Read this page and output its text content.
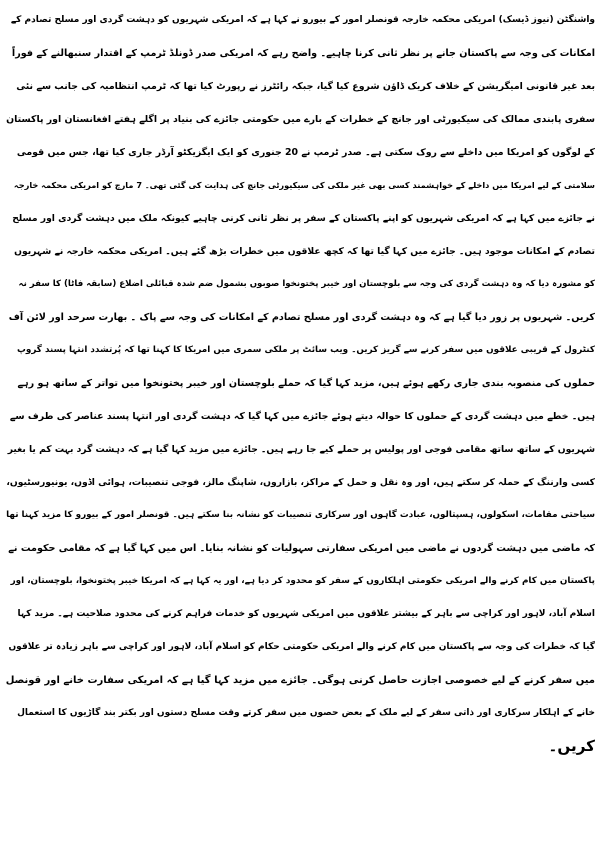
واشنگٹن (نیوز ڈیسک) امریکی محکمہ خارجہ قونصلر امور کے بیورو نے کہا ہے کہ امریکی شہریوں کو دہشت گردی اور مسلح تصادم کے
امکانات کی وجہ سے پاکستان جانے پر نظر ثانی کرنا چاہیے۔ واضح رہے کہ امریکی صدر ڈونلڈ ٹرمپ کے اقتدار سنبھالنے کے فوراً
بعد غیر قانونی امیگریشن کے خلاف کریک ڈاؤن شروع کیا گیا، جبکہ رائٹرز نے رپورٹ کیا تھا کہ ٹرمپ انتظامیہ کی جانب سے نئی
سفری پابندی ممالک کی سیکیورٹی اور جانچ کے خطرات کے بارے میں حکومتی جائزے کی بنیاد پر اگلے ہفتے افغانستان اور پاکستان
کے لوگوں کو امریکا میں داخلے سے روک سکتی ہے۔ صدر ٹرمپ نے 20 جنوری کو ایک ایگزیکٹو آرڈر جاری کیا تھا، جس میں قومی
سلامتی کے لیے امریکا میں داخلے کے خواہشمند کسی بھی غیر ملکی کی سیکیورٹی جانچ کی ہدایت کی گئی تھی۔ 7 مارچ کو امریکی محکمہ خارجہ
نے جائزے میں کہا ہے کہ امریکی شہریوں کو اپنے پاکستان کے سفر پر نظر ثانی کرنی چاہیے کیونکہ ملک میں دہشت گردی اور مسلح
تصادم کے امکانات موجود ہیں۔ جائزے میں کہا گیا تھا کہ کچھ علاقوں میں خطرات بڑھ گئے ہیں۔ امریکی محکمہ خارجہ نے شہریوں
کو مشورہ دیا کہ وہ دہشت گردی کی وجہ سے بلوچستان اور خیبر پختونخوا صوبوں بشمول ضم شدہ قبائلی اضلاع (سابقہ فاٹا) کا سفر نہ
کریں۔ شہریوں پر زور دیا گیا ہے کہ وہ دہشت گردی اور مسلح تصادم کے امکانات کی وجہ سے پاک ۔ بھارت سرحد اور لائن آف
کنٹرول کے قریبی علاقوں میں سفر کرنے سے گریز کریں۔ ویب سائٹ پر ملکی سمری میں امریکا کا کہنا تھا کہ پُرتشدد انتہا پسند گروپ
حملوں کی منصوبہ بندی جاری رکھے ہوئے ہیں، مزید کہا گیا کہ حملے بلوچستان اور خیبر پختونخوا میں تواتر کے ساتھ ہو رہے
ہیں۔ خطے میں دہشت گردی کے حملوں کا حوالہ دیتے ہوئے جائزے میں کہا گیا کہ دہشت گردی اور انتہا پسند عناصر کی طرف سے
شہریوں کے ساتھ ساتھ مقامی فوجی اور پولیس پر حملے کیے جا رہے ہیں۔ جائزے میں مزید کہا گیا ہے کہ دہشت گرد بہت کم یا بغیر
کسی وارننگ کے حملہ کر سکتے ہیں، اور وہ نقل و حمل کے مراکز، بازاروں، شاپنگ مالز، فوجی تنصیبات، ہوائی اڈوں، یونیورسٹیوں،
سیاحتی مقامات، اسکولوں، ہسپتالوں، عبادت گاہوں اور سرکاری تنصیبات کو نشانہ بنا سکتے ہیں۔ قونصلر امور کے بیورو کا مزید کہنا تھا
کہ ماضی میں دہشت گردوں نے ماضی میں امریکی سفارتی سہولیات کو نشانہ بنایا۔ اس میں کہا گیا ہے کہ مقامی حکومت نے
پاکستان میں کام کرنے والے امریکی حکومتی اہلکاروں کے سفر کو محدود کر دیا ہے، اور یہ کہا ہے کہ امریکا خیبر پختونخوا، بلوچستان، اور
اسلام آباد، لاہور اور کراچی سے باہر کے بیشتر علاقوں میں امریکی شہریوں کو خدمات فراہم کرنے کی محدود صلاحیت ہے۔ مزید کہا
گیا کہ خطرات کی وجہ سے پاکستان میں کام کرنے والے امریکی حکومتی حکام کو اسلام آباد، لاہور اور کراچی سے باہر زیادہ تر علاقوں
میں سفر کرنے کے لیے خصوصی اجازت حاصل کرنی ہوگی۔ جائزے میں مزید کہا گیا ہے کہ امریکی سفارت خانے اور قونصل
خانے کے اہلکار سرکاری اور ذاتی سفر کے لیے ملک کے بعض حصوں میں سفر کرتے وقت مسلح دستوں اور بکتر بند گاڑیوں کا استعمال
کریں۔
